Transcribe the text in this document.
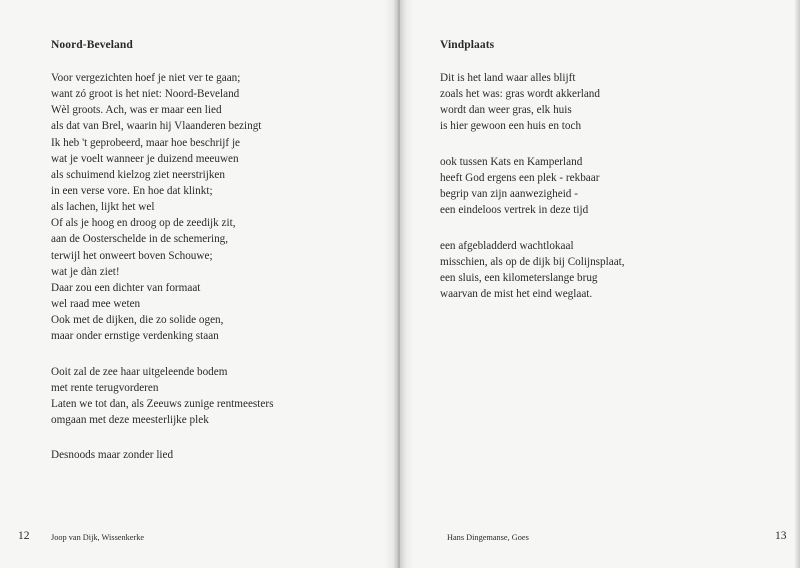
Noord-Beveland
Voor vergezichten hoef je niet ver te gaan;
want zó groot is het niet: Noord-Beveland
Wèl groots. Ach, was er maar een lied
als dat van Brel, waarin hij Vlaanderen bezingt
Ik heb 't geprobeerd, maar hoe beschrijf je
wat je voelt wanneer je duizend meeuwen
als schuimend kielzog ziet neerstrijken
in een verse vore. En hoe dat klinkt;
als lachen, lijkt het wel
Of als je hoog en droog op de zeedijk zit,
aan de Oosterschelde in de schemering,
terwijl het onweert boven Schouwe;
wat je dàn ziet!
Daar zou een dichter van formaat
wel raad mee weten
Ook met de dijken, die zo solide ogen,
maar onder ernstige verdenking staan
Ooit zal de zee haar uitgeleende bodem
met rente terugvorderen
Laten we tot dan, als Zeeuws zunige rentmeesters
omgaan met deze meesterlijke plek
Desnoods maar zonder lied
12	Joop van Dijk, Wissenkerke
Vindplaats
Dit is het land waar alles blijft
zoals het was: gras wordt akkerland
wordt dan weer gras, elk huis
is hier gewoon een huis en toch
ook tussen Kats en Kamperland
heeft God ergens een plek - rekbaar
begrip van zijn aanwezigheid -
een eindeloos vertrek in deze tijd
een afgebladderd wachtlokaal
misschien, als op de dijk bij Colijnsplaat,
een sluis, een kilometerslange brug
waarvan de mist het eind weglaat.
Hans Dingemanse, Goes	13
